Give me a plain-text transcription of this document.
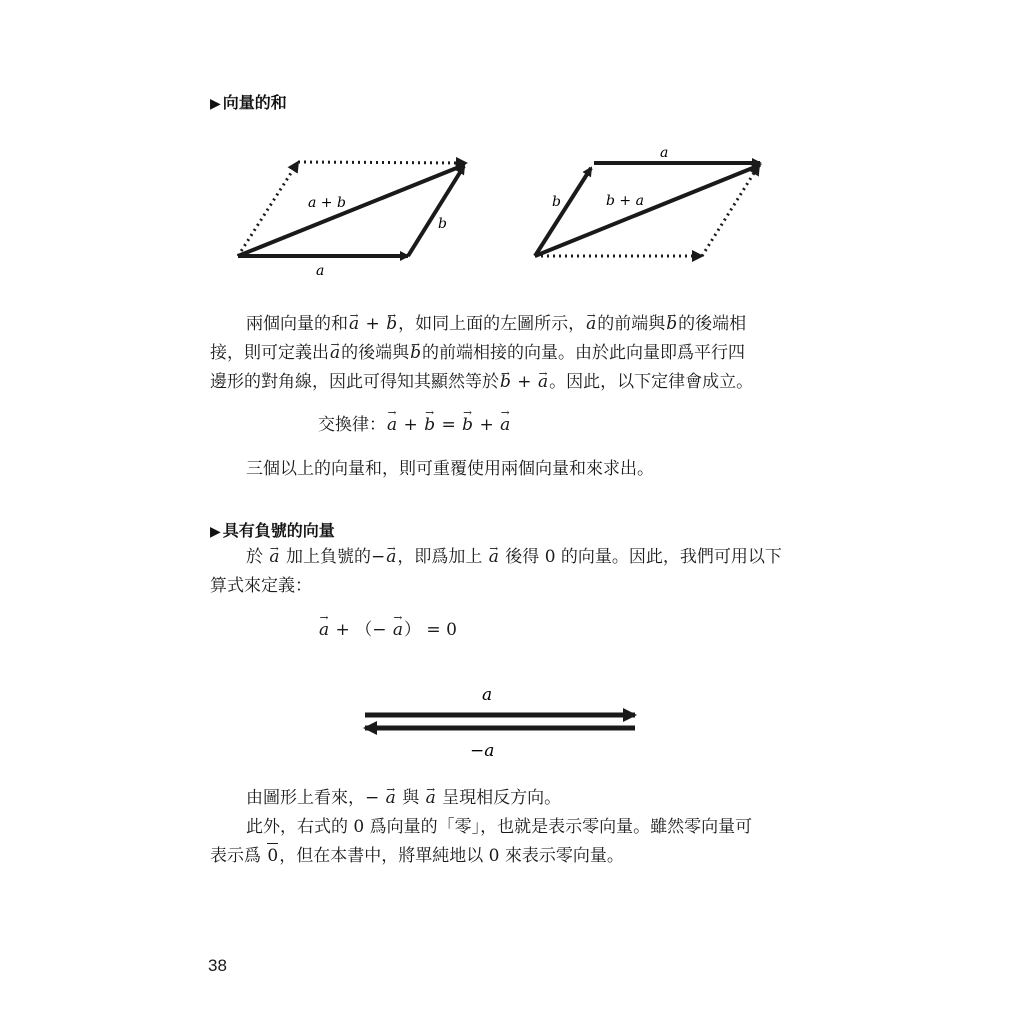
▶ 向量的和
a + b
a
b
a
b	b + a
兩個向量的和→ a + → b，如同上面的左圖所示，→ a的前端與→ b的後端相
接，則可定義出→ a的後端與→ b的前端相接的向量。由於此向量即爲平行四
邊形的對角線，因此可得知其顯然等於→ b + → a。因此，以下定律會成立。
交換律：→ a + → b = → b + → a
三個以上的向量和，則可重覆使用兩個向量和來求出。
▶ 具有負號的向量
於 → a 加上負號的−→ a，即爲加上 → a 後得 0 的向量。因此，我們可用以下
算式來定義：
→ a + （− → a） = 0
a
−a
由圖形上看來，− → a 與 → a 呈現相反方向。
此外，右式的 0 爲向量的「零」，也就是表示零向量。雖然零向量可
表示爲 0，但在本書中，將單純地以 0 來表示零向量。
38
